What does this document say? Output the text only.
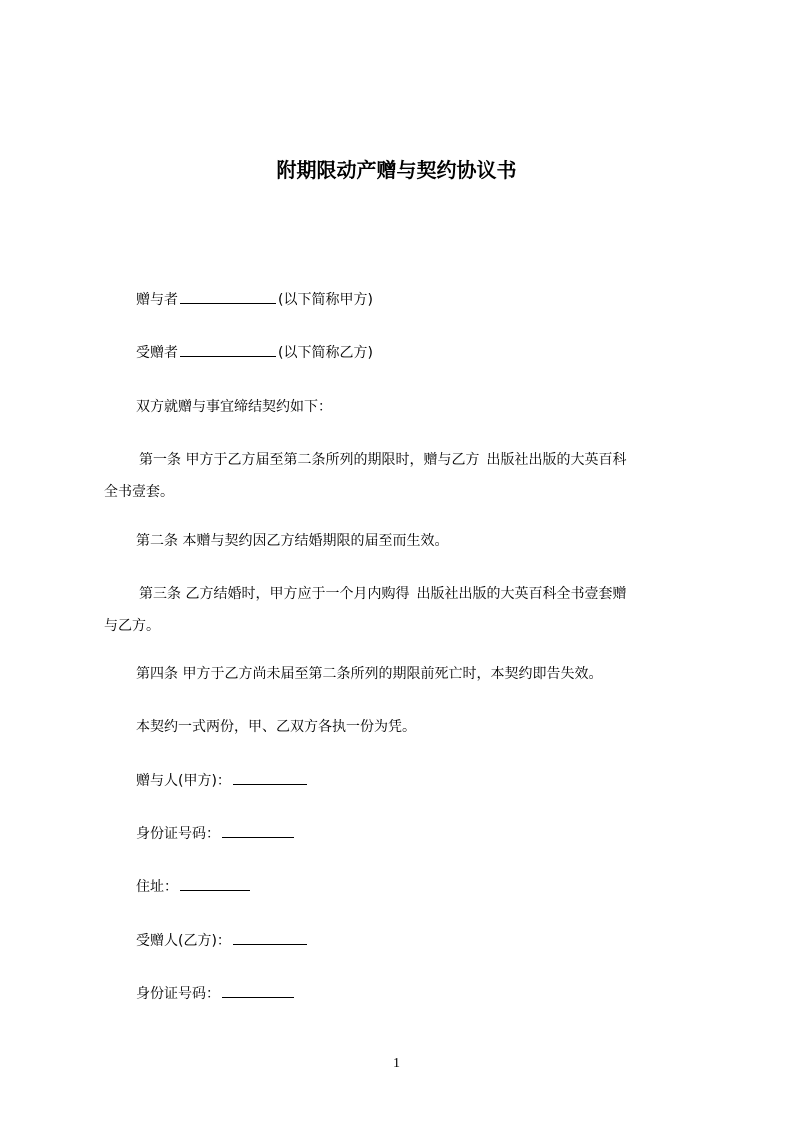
附期限动产赠与契约协议书
赠与者	(以下简称甲方)
受赠者	(以下简称乙方)
双方就赠与事宜缔结契约如下：
第一条 甲方于乙方届至第二条所列的期限时，赠与乙方 出版社出版的大英百科
全书壹套。
第二条 本赠与契约因乙方结婚期限的届至而生效。
第三条 乙方结婚时，甲方应于一个月内购得 出版社出版的大英百科全书壹套赠
与乙方。
第四条 甲方于乙方尚未届至第二条所列的期限前死亡时，本契约即告失效。
本契约一式两份，甲、乙双方各执一份为凭。
赠与人(甲方)：
身份证号码：
住址：
受赠人(乙方)：
身份证号码：
1
